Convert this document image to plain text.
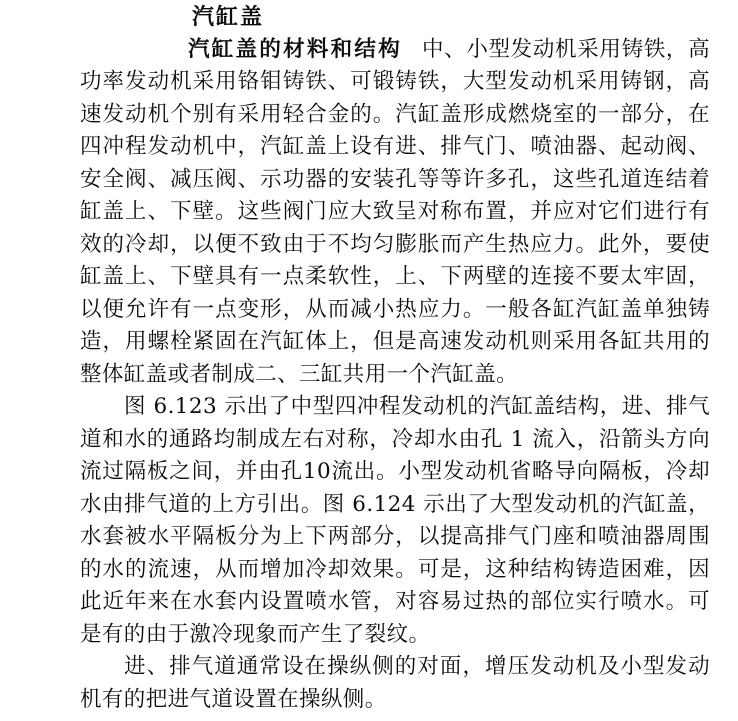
汽缸盖

汽缸盖的材料和结构 中、小型发动机采用铸铁，高功率发动机采用铬钼铸铁、可锻铸铁，大型发动机采用铸钢，高速发动机个别有采用轻合金的。汽缸盖形成燃烧室的一部分，在四冲程发动机中，汽缸盖上设有进、排气门、喷油器、起动阀、安全阀、减压阀、示功器的安装孔等等许多孔，这些孔道连结着缸盖上、下壁。这些阀门应大致呈对称布置，并应对它们进行有效的冷却，以便不致由于不均匀膨胀而产生热应力。此外，要使缸盖上、下壁具有一点柔软性，上、下两壁的连接不要太牢固，以便允许有一点变形，从而减小热应力。一般各缸汽缸盖单独铸造，用螺栓紧固在汽缸体上，但是高速发动机则采用各缸共用的整体缸盖或者制成二、三缸共用一个汽缸盖。

图 6.123 示出了中型四冲程发动机的汽缸盖结构，进、排气道和水的通路均制成左右对称，冷却水由孔 1 流入，沿箭头方向流过隔板之间，并由孔10流出。小型发动机省略导向隔板，冷却水由排气道的上方引出。图 6.124 示出了大型发动机的汽缸盖，水套被水平隔板分为上下两部分，以提高排气门座和喷油器周围的水的流速，从而增加冷却效果。可是，这种结构铸造困难，因此近年来在水套内设置喷水管，对容易过热的部位实行喷水。可是有的由于激冷现象而产生了裂纹。

进、排气道通常设在操纵侧的对面，增压发动机及小型发动机有的把进气道设置在操纵侧。
